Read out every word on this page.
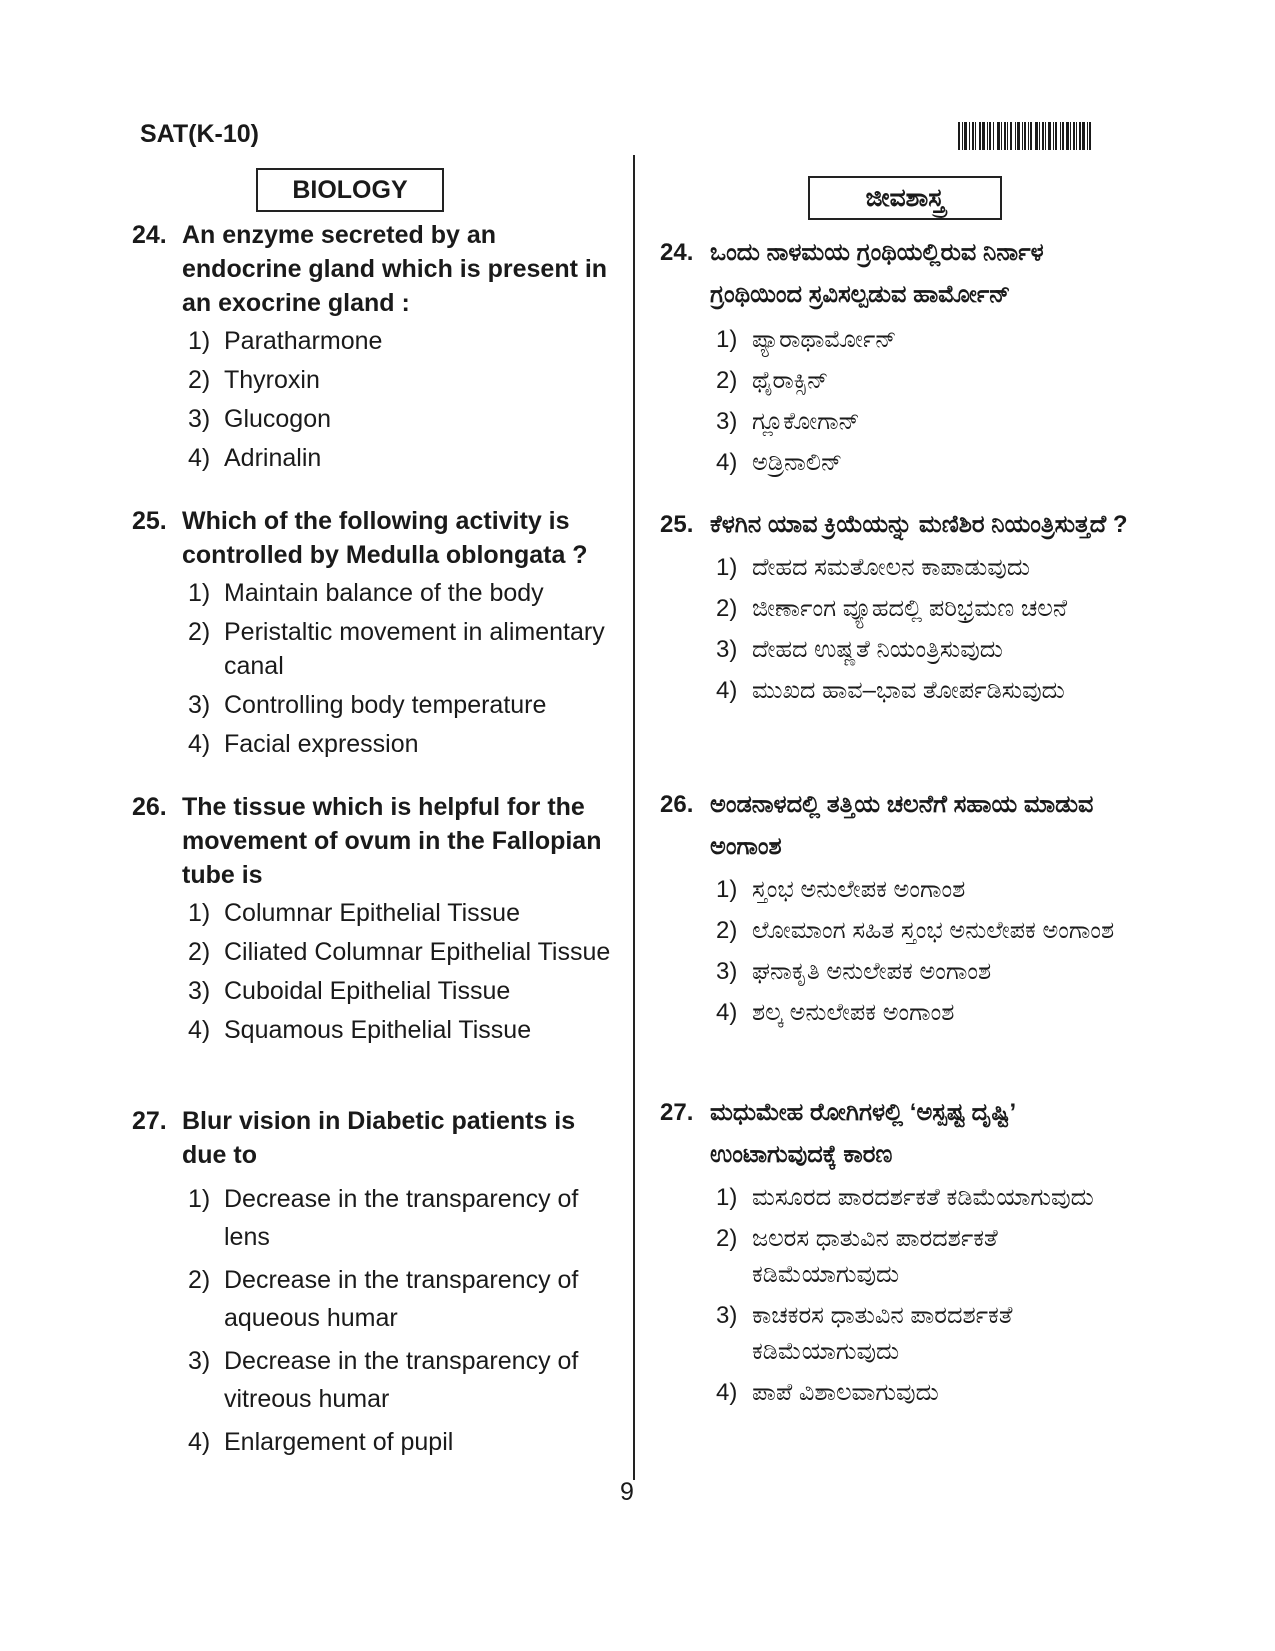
SAT(K-10)
BIOLOGY
24. An enzyme secreted by an endocrine gland which is present in an exocrine gland :
1) Paratharmone
2) Thyroxin
3) Glucogon
4) Adrinalin
25. Which of the following activity is controlled by Medulla oblongata ?
1) Maintain balance of the body
2) Peristaltic movement in alimentary canal
3) Controlling body temperature
4) Facial expression
26. The tissue which is helpful for the movement of ovum in the Fallopian tube is
1) Columnar Epithelial Tissue
2) Ciliated Columnar Epithelial Tissue
3) Cuboidal Epithelial Tissue
4) Squamous Epithelial Tissue
27. Blur vision in Diabetic patients is due to
1) Decrease in the transparency of lens
2) Decrease in the transparency of aqueous humar
3) Decrease in the transparency of vitreous humar
4) Enlargement of pupil
ಜೀವಶಾಸ್ತ್ರ
24. ಒಂದು ನಾಳಮಯ ಗ್ರಂಥಿಯಲ್ಲಿರುವ ನಿರ್ನಾಳ ಗ್ರಂಥಿಯಿಂದ ಸ್ರವಿಸಲ್ಪಡುವ ಹಾರ್ಮೋನ್
1) ಪ್ಯಾರಾಥಾರ್ಮೋನ್
2) ಥೈರಾಕ್ಸಿನ್
3) ಗ್ಲೂಕೋಗಾನ್
4) ಅಡ್ರಿನಾಲಿನ್
25. ಕೆಳಗಿನ ಯಾವ ಕ್ರಿಯೆಯನ್ನು ಮಣಿಶಿರ ನಿಯಂತ್ರಿಸುತ್ತದೆ ?
1) ದೇಹದ ಸಮತೋಲನ ಕಾಪಾಡುವುದು
2) ಜೀರ್ಣಾಂಗ ವ್ಯೂಹದಲ್ಲಿ ಪರಿಭ್ರಮಣ ಚಲನೆ
3) ದೇಹದ ಉಷ್ಣತೆ ನಿಯಂತ್ರಿಸುವುದು
4) ಮುಖದ ಹಾವ–ಭಾವ ತೋರ್ಪಡಿಸುವುದು
26. ಅಂಡನಾಳದಲ್ಲಿ ತತ್ತಿಯ ಚಲನೆಗೆ ಸಹಾಯ ಮಾಡುವ ಅಂಗಾಂಶ
1) ಸ್ತಂಭ ಅನುಲೇಪಕ ಅಂಗಾಂಶ
2) ಲೋಮಾಂಗ ಸಹಿತ ಸ್ತಂಭ ಅನುಲೇಪಕ ಅಂಗಾಂಶ
3) ಘನಾಕೃತಿ ಅನುಲೇಪಕ ಅಂಗಾಂಶ
4) ಶಲ್ಕ ಅನುಲೇಪಕ ಅಂಗಾಂಶ
27. ಮಧುಮೇಹ ರೋಗಿಗಳಲ್ಲಿ ‘ಅಸ್ಪಷ್ಟ ದೃಷ್ಟಿ’ ಉಂಟಾಗುವುದಕ್ಕೆ ಕಾರಣ
1) ಮಸೂರದ ಪಾರದರ್ಶಕತೆ ಕಡಿಮೆಯಾಗುವುದು
2) ಜಲರಸ ಧಾತುವಿನ ಪಾರದರ್ಶಕತೆ ಕಡಿಮೆಯಾಗುವುದು
3) ಕಾಚಕರಸ ಧಾತುವಿನ ಪಾರದರ್ಶಕತೆ ಕಡಿಮೆಯಾಗುವುದು
4) ಪಾಪೆ ವಿಶಾಲವಾಗುವುದು
9
